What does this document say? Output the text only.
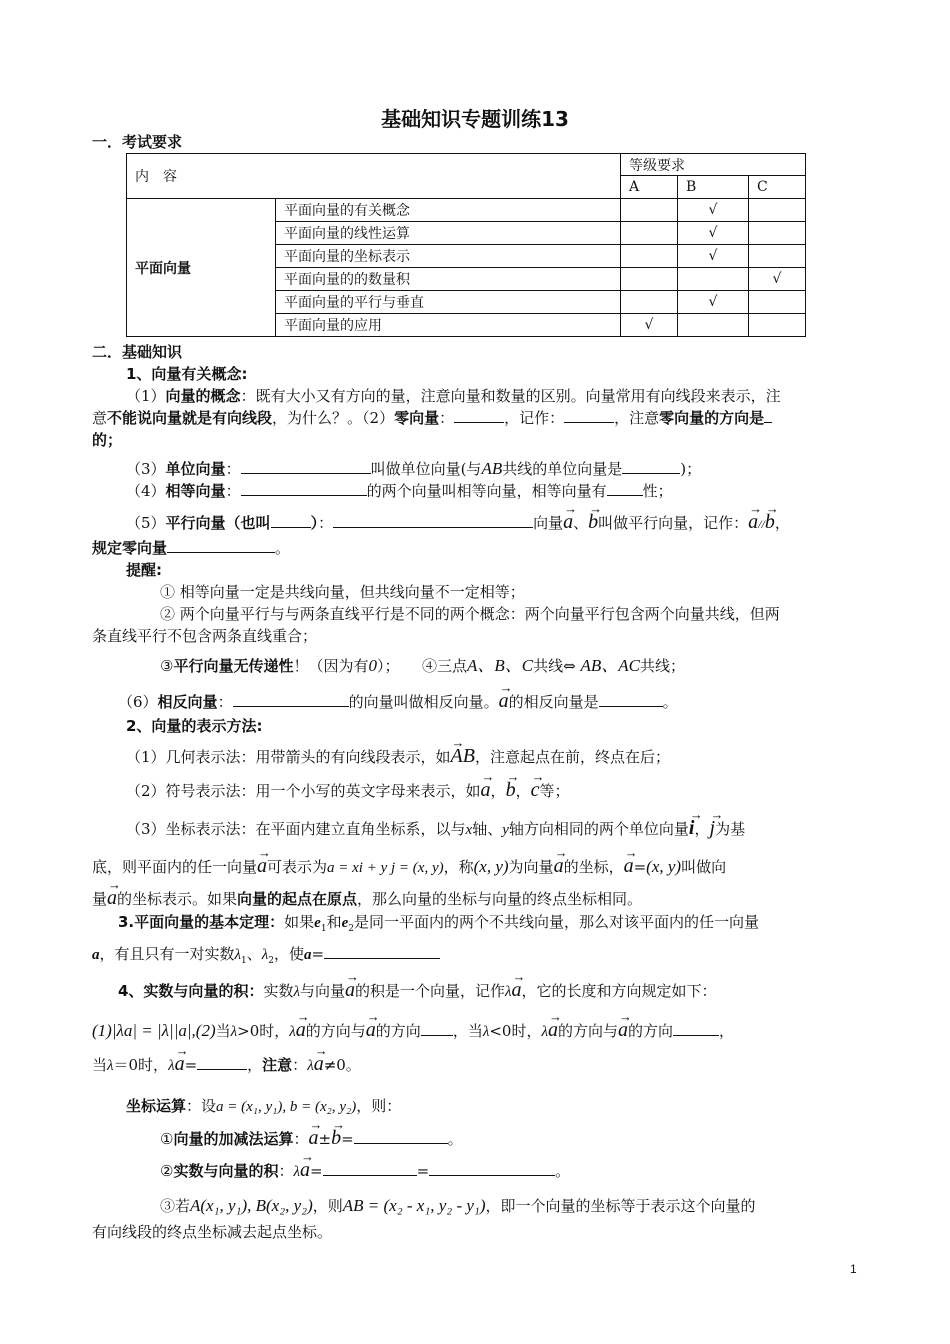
基础知识专题训练13
一．考试要求
内　容		等级要求		
		A	B	C
平面向量	平面向量的有关概念		√	
	平面向量的线性运算		√	
	平面向量的坐标表示		√	
	平面向量的的数量积			√
	平面向量的平行与垂直		√	
	平面向量的应用	√		
二．基础知识
1、向量有关概念:
（1）向量的概念：既有大小又有方向的量，注意向量和数量的区别。向量常用有向线段来表示，注
意不能说向量就是有向线段，为什么？。（2）零向量：	，记作：	，注意零向量的方向是
的；
（3）单位向量：	叫做单位向量(与AB共线的单位向量是	)；
（4）相等向量：	的两个向量叫相等向量，相等向量有 性；
（5）平行向量（也叫	）：	向量→ a、→ b叫做平行向量，记作：→ a//→ b，
规定零向量	。
提醒:
① 相等向量一定是共线向量，但共线向量不一定相等；
② 两个向量平行与与两条直线平行是不同的两个概念：两个向量平行包含两个向量共线，但两
条直线平行不包含两条直线重合；
③平行向量无传递性！（因为有0）；　　④三点A、B、C共线⇔ AB、AC共线；
（6）相反向量：	的向量叫做相反向量。→ a的相反向量是	。
2、向量的表示方法:
（1）几何表示法：用带箭头的有向线段表示，如→ AB，注意起点在前，终点在后；
（2）符号表示法：用一个小写的英文字母来表示，如→ a，→ b，→ c等；
（3）坐标表示法：在平面内建立直角坐标系，以与x轴、y轴方向相同的两个单位向量→ i，→ j为基
底，则平面内的任一向量→ a可表示为a = xi + y j = (x, y)，称(x, y)为向量→ a的坐标，→ a=(x, y)叫做向
量→ a的坐标表示。如果向量的起点在原点，那么向量的坐标与向量的终点坐标相同。
3.平面向量的基本定理：如果$e_1$和$e_2$是同一平面内的两个不共线向量，那么对该平面内的任一向量
a，有且只有一对实数$\lambda_1$、$\lambda_2$，使a=
4、实数与向量的积：实数λ与向量→ a的积是一个向量，记作λ→ a，它的长度和方向规定如下：
(1)|λa| = |λ||a|,(2)当λ>0时，λ→ a的方向与→ a的方向 ，当λ<0时，λ→ a的方向与→ a的方向	，
当λ＝0时，λ→ a=	，注意：λ→ a≠0。
坐标运算：设a = (x₁, y₁), b = (x₂, y₂)，则：
①向量的加减法运算：→ a±→ b=	。
②实数与向量的积：λ→ a=	=	。
③若A(x₁, y₁), B(x₂, y₂)，则AB = (x₂ - x₁, y₂ - y₁)，即一个向量的坐标等于表示这个向量的
有向线段的终点坐标减去起点坐标。
1
